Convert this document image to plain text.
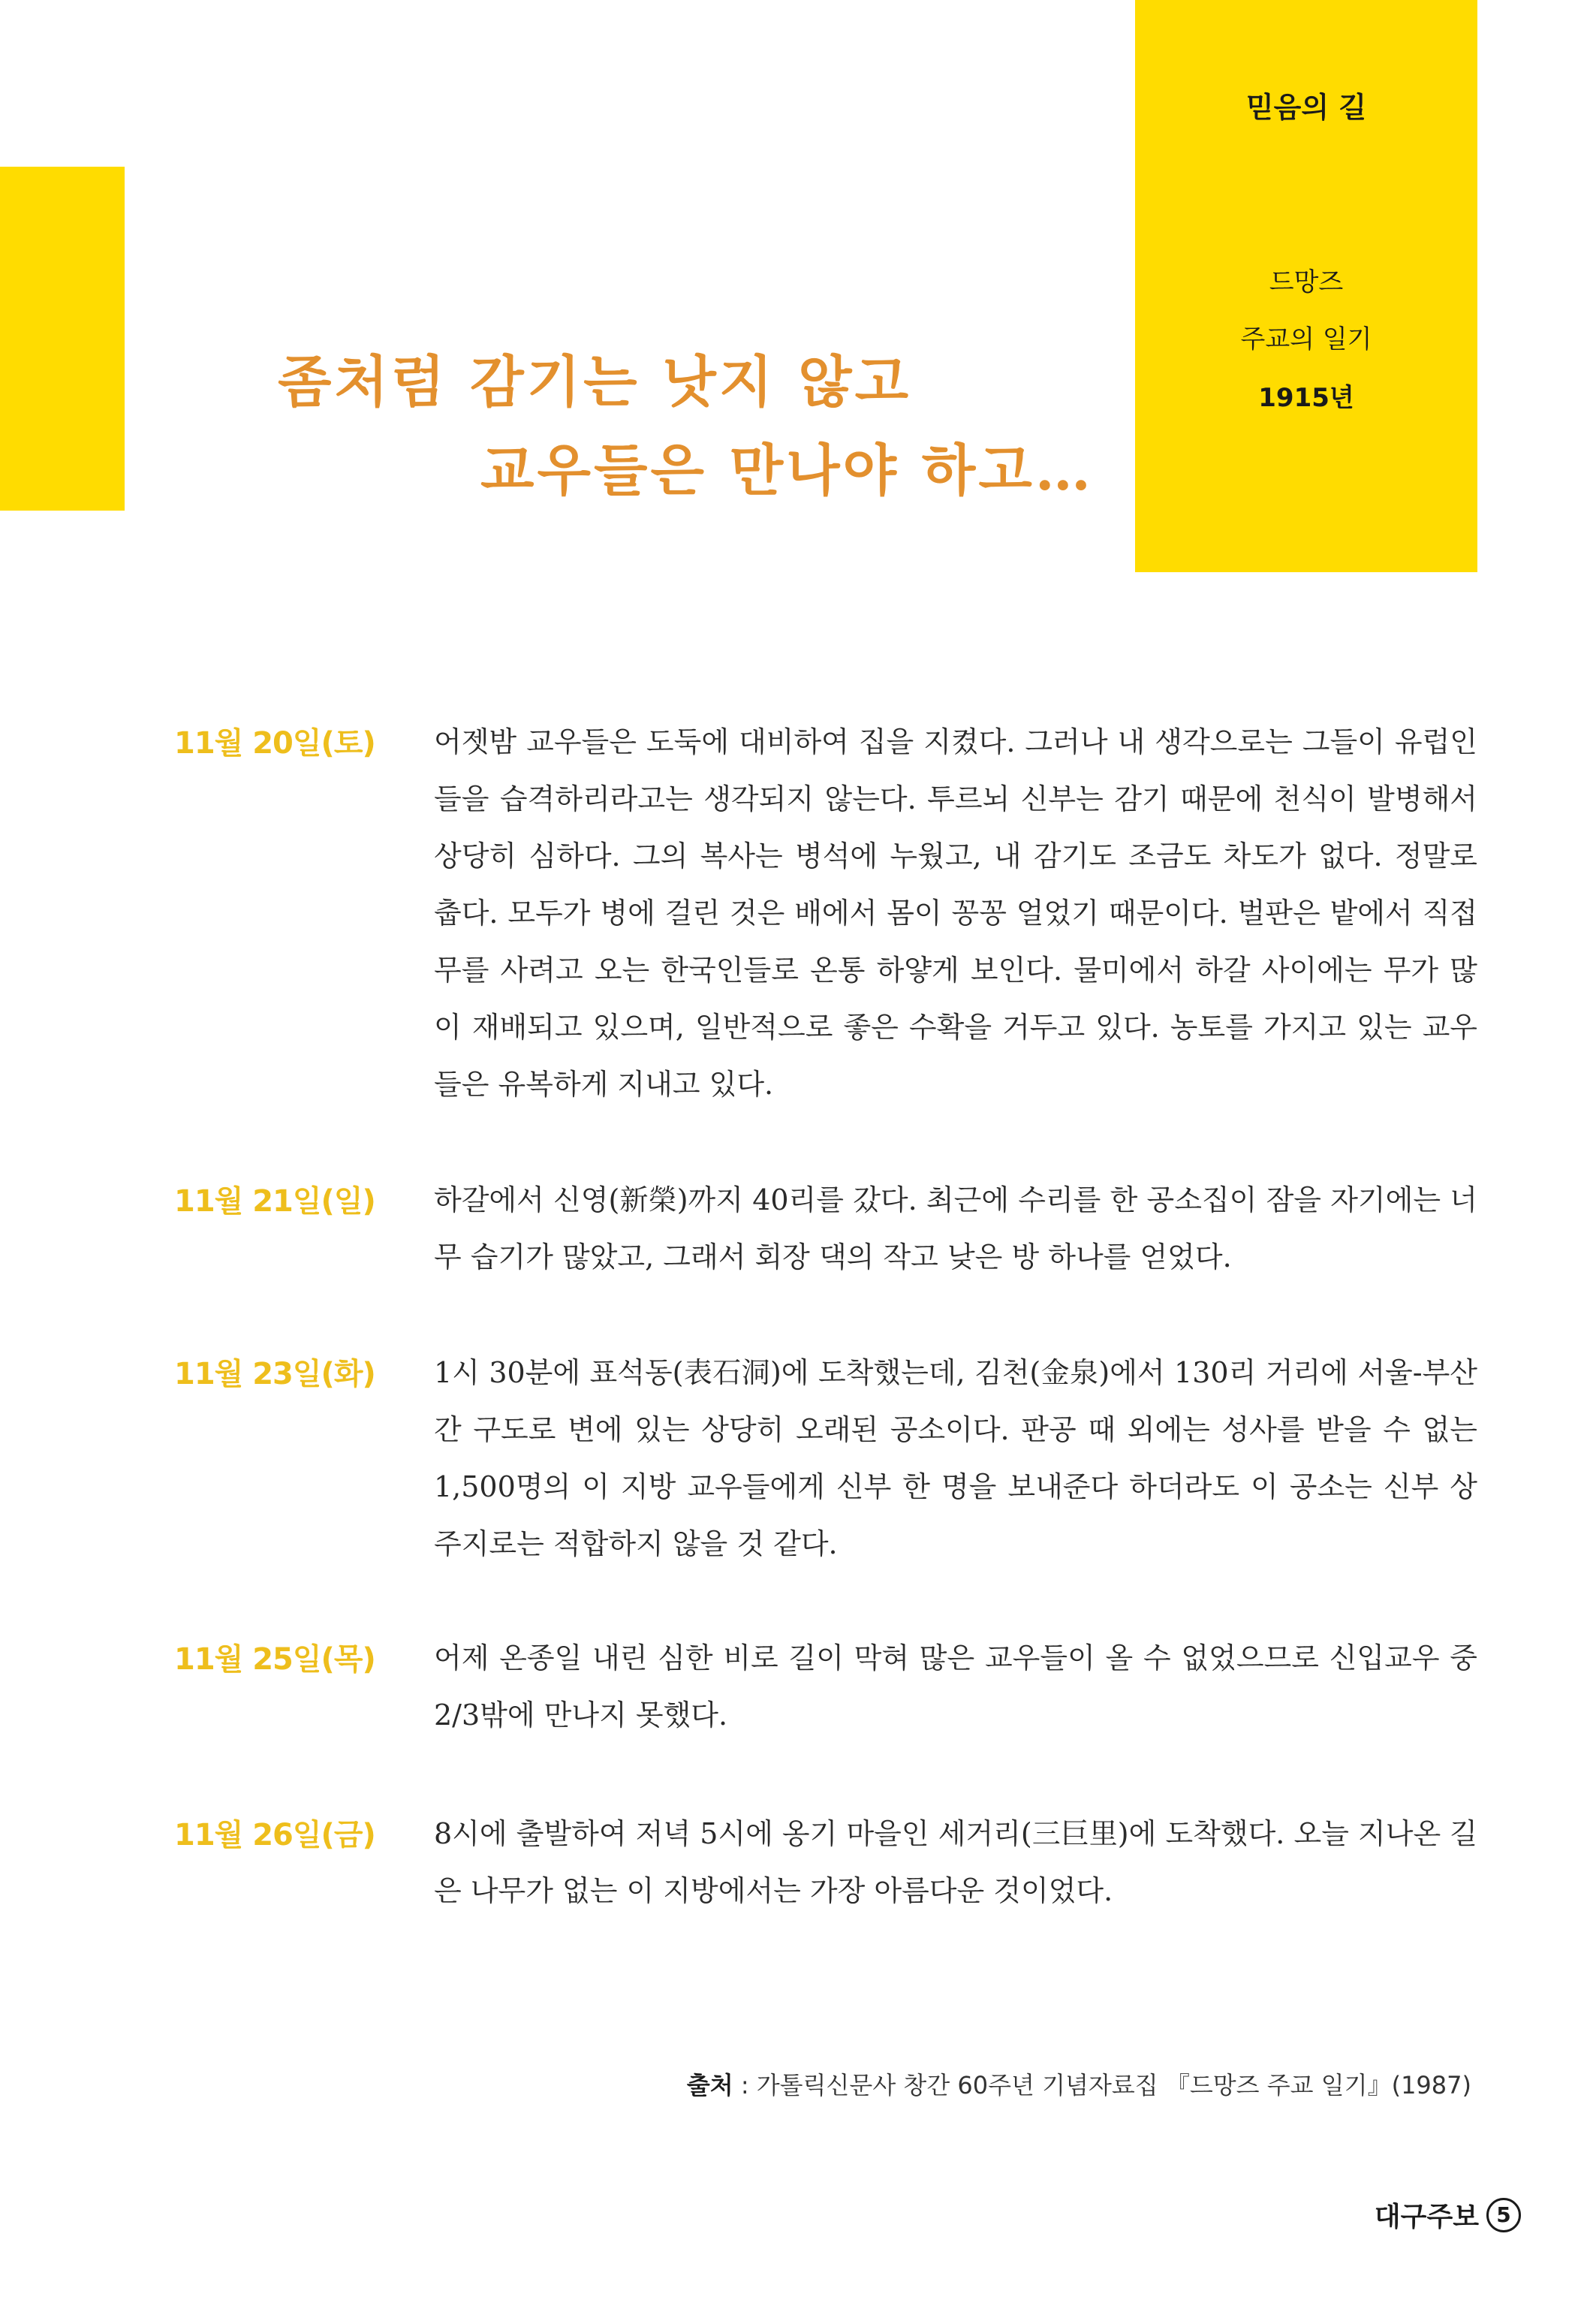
믿음의 길
드망즈
주교의 일기
1915년
좀처럼 감기는 낫지 않고
교우들은 만나야 하고…
11월 20일(토) 어젯밤 교우들은 도둑에 대비하여 집을 지켰다. 그러나 내 생각으로는 그들이 유럽인들을 습격하리라고는 생각되지 않는다. 투르뇌 신부는 감기 때문에 천식이 발병해서 상당히 심하다. 그의 복사는 병석에 누웠고, 내 감기도 조금도 차도가 없다. 정말로 춥다. 모두가 병에 걸린 것은 배에서 몸이 꽁꽁 얼었기 때문이다. 벌판은 밭에서 직접 무를 사려고 오는 한국인들로 온통 하얗게 보인다. 물미에서 하갈 사이에는 무가 많이 재배되고 있으며, 일반적으로 좋은 수확을 거두고 있다. 농토를 가지고 있는 교우들은 유복하게 지내고 있다.

11월 21일(일) 하갈에서 신영(新榮)까지 40리를 갔다. 최근에 수리를 한 공소집이 잠을 자기에는 너무 습기가 많았고, 그래서 회장 댁의 작고 낮은 방 하나를 얻었다.

11월 23일(화) 1시 30분에 표석동(表石洞)에 도착했는데, 김천(金泉)에서 130리 거리에 서울-부산 간 구도로 변에 있는 상당히 오래된 공소이다. 판공 때 외에는 성사를 받을 수 없는 1,500명의 이 지방 교우들에게 신부 한 명을 보내준다 하더라도 이 공소는 신부 상주지로는 적합하지 않을 것 같다.

11월 25일(목) 어제 온종일 내린 심한 비로 길이 막혀 많은 교우들이 올 수 없었으므로 신입교우 중 2/3밖에 만나지 못했다.

11월 26일(금) 8시에 출발하여 저녁 5시에 옹기 마을인 세거리(三巨里)에 도착했다. 오늘 지나온 길은 나무가 없는 이 지방에서는 가장 아름다운 것이었다.

출처 : 가톨릭신문사 창간 60주년 기념자료집 『드망즈 주교 일기』(1987)
대구주보 5
